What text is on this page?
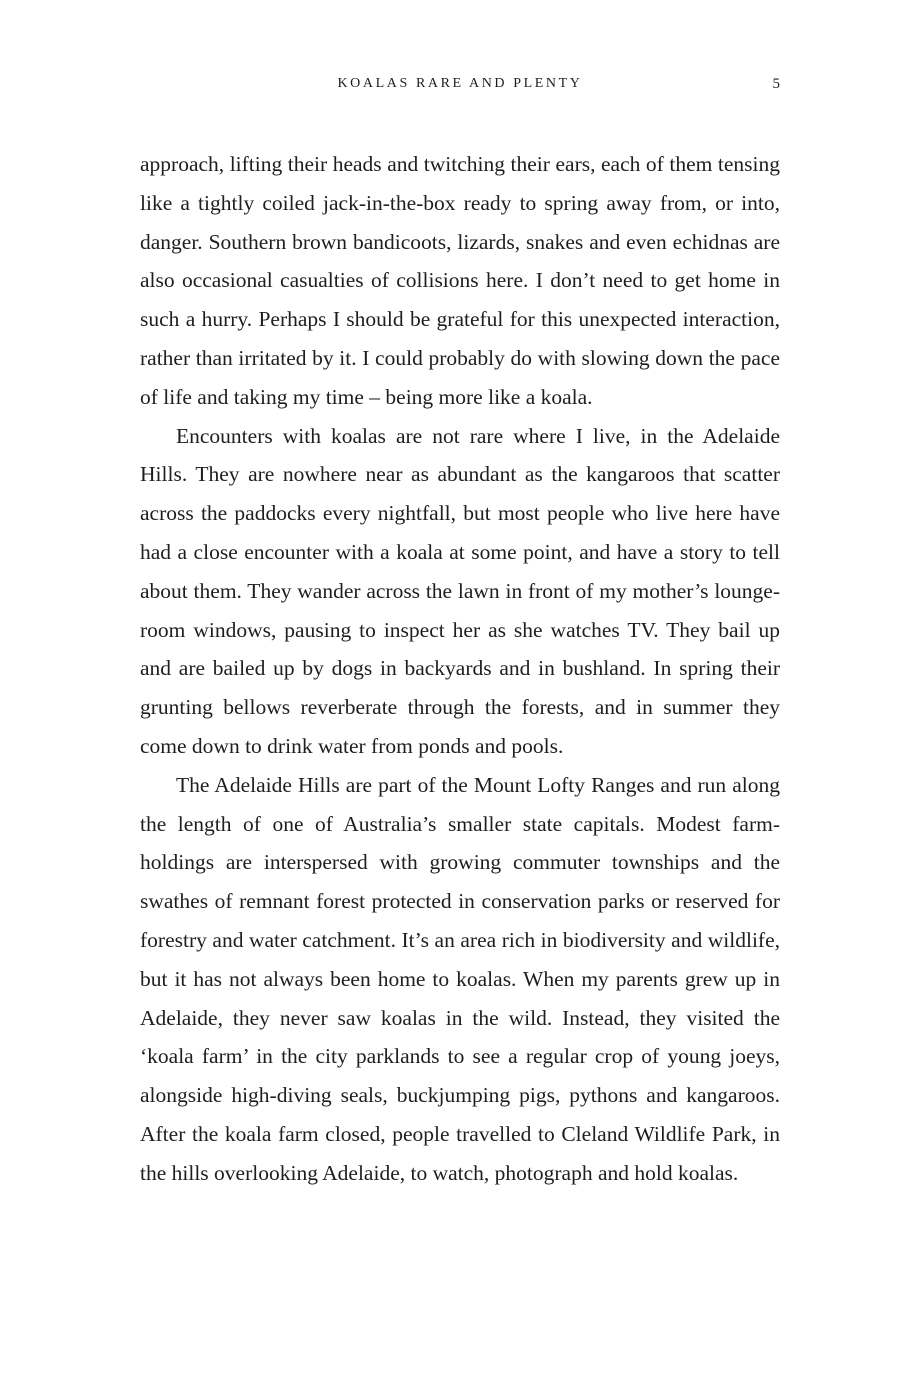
KOALAS RARE AND PLENTY	5

approach, lifting their heads and twitching their ears, each of them tensing like a tightly coiled jack-in-the-box ready to spring away from, or into, danger. Southern brown bandicoots, lizards, snakes and even echidnas are also occasional casualties of collisions here. I don’t need to get home in such a hurry. Perhaps I should be grateful for this unexpected interaction, rather than irritated by it. I could probably do with slowing down the pace of life and taking my time – being more like a koala.

Encounters with koalas are not rare where I live, in the Adelaide Hills. They are nowhere near as abundant as the kangaroos that scatter across the paddocks every nightfall, but most people who live here have had a close encounter with a koala at some point, and have a story to tell about them. They wander across the lawn in front of my mother’s lounge-room windows, pausing to inspect her as she watches TV. They bail up and are bailed up by dogs in backyards and in bushland. In spring their grunting bellows reverberate through the forests, and in summer they come down to drink water from ponds and pools.

The Adelaide Hills are part of the Mount Lofty Ranges and run along the length of one of Australia’s smaller state capitals. Modest farm-holdings are interspersed with growing commuter townships and the swathes of remnant forest protected in conservation parks or reserved for forestry and water catchment. It’s an area rich in biodiversity and wildlife, but it has not always been home to koalas. When my parents grew up in Adelaide, they never saw koalas in the wild. Instead, they visited the ‘koala farm’ in the city parklands to see a regular crop of young joeys, alongside high-diving seals, buckjumping pigs, pythons and kangaroos. After the koala farm closed, people travelled to Cleland Wildlife Park, in the hills overlooking Adelaide, to watch, photograph and hold koalas.
